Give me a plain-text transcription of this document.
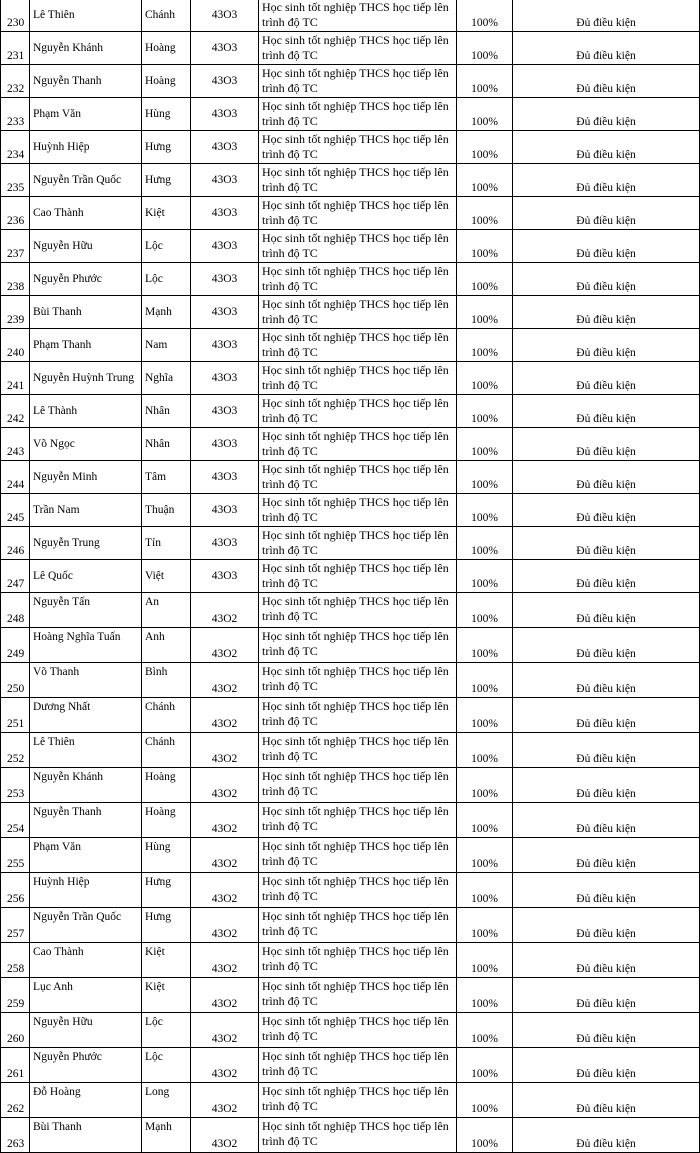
230	Lê Thiên	Chánh	43O3	Học sinh tốt nghiệp THCS học tiếp lên trình độ TC	100%	Đủ điều kiện
231	Nguyễn Khánh	Hoàng	43O3	Học sinh tốt nghiệp THCS học tiếp lên trình độ TC	100%	Đủ điều kiện
232	Nguyễn Thanh	Hoàng	43O3	Học sinh tốt nghiệp THCS học tiếp lên trình độ TC	100%	Đủ điều kiện
233	Phạm Văn	Hùng	43O3	Học sinh tốt nghiệp THCS học tiếp lên trình độ TC	100%	Đủ điều kiện
234	Huỳnh Hiệp	Hưng	43O3	Học sinh tốt nghiệp THCS học tiếp lên trình độ TC	100%	Đủ điều kiện
235	Nguyễn Trần Quốc	Hưng	43O3	Học sinh tốt nghiệp THCS học tiếp lên trình độ TC	100%	Đủ điều kiện
236	Cao Thành	Kiệt	43O3	Học sinh tốt nghiệp THCS học tiếp lên trình độ TC	100%	Đủ điều kiện
237	Nguyễn Hữu	Lộc	43O3	Học sinh tốt nghiệp THCS học tiếp lên trình độ TC	100%	Đủ điều kiện
238	Nguyễn Phước	Lộc	43O3	Học sinh tốt nghiệp THCS học tiếp lên trình độ TC	100%	Đủ điều kiện
239	Bùi Thanh	Mạnh	43O3	Học sinh tốt nghiệp THCS học tiếp lên trình độ TC	100%	Đủ điều kiện
240	Phạm Thanh	Nam	43O3	Học sinh tốt nghiệp THCS học tiếp lên trình độ TC	100%	Đủ điều kiện
241	Nguyễn Huỳnh Trung	Nghĩa	43O3	Học sinh tốt nghiệp THCS học tiếp lên trình độ TC	100%	Đủ điều kiện
242	Lê Thành	Nhân	43O3	Học sinh tốt nghiệp THCS học tiếp lên trình độ TC	100%	Đủ điều kiện
243	Võ Ngọc	Nhân	43O3	Học sinh tốt nghiệp THCS học tiếp lên trình độ TC	100%	Đủ điều kiện
244	Nguyễn Minh	Tâm	43O3	Học sinh tốt nghiệp THCS học tiếp lên trình độ TC	100%	Đủ điều kiện
245	Trần Nam	Thuận	43O3	Học sinh tốt nghiệp THCS học tiếp lên trình độ TC	100%	Đủ điều kiện
246	Nguyễn Trung	Tín	43O3	Học sinh tốt nghiệp THCS học tiếp lên trình độ TC	100%	Đủ điều kiện
247	Lê Quốc	Việt	43O3	Học sinh tốt nghiệp THCS học tiếp lên trình độ TC	100%	Đủ điều kiện
248	Nguyễn Tấn	An	43O2	Học sinh tốt nghiệp THCS học tiếp lên trình độ TC	100%	Đủ điều kiện
249	Hoàng Nghĩa Tuấn	Anh	43O2	Học sinh tốt nghiệp THCS học tiếp lên trình độ TC	100%	Đủ điều kiện
250	Võ Thanh	Bình	43O2	Học sinh tốt nghiệp THCS học tiếp lên trình độ TC	100%	Đủ điều kiện
251	Dương Nhất	Chánh	43O2	Học sinh tốt nghiệp THCS học tiếp lên trình độ TC	100%	Đủ điều kiện
252	Lê Thiên	Chánh	43O2	Học sinh tốt nghiệp THCS học tiếp lên trình độ TC	100%	Đủ điều kiện
253	Nguyễn Khánh	Hoàng	43O2	Học sinh tốt nghiệp THCS học tiếp lên trình độ TC	100%	Đủ điều kiện
254	Nguyễn Thanh	Hoàng	43O2	Học sinh tốt nghiệp THCS học tiếp lên trình độ TC	100%	Đủ điều kiện
255	Phạm Văn	Hùng	43O2	Học sinh tốt nghiệp THCS học tiếp lên trình độ TC	100%	Đủ điều kiện
256	Huỳnh Hiệp	Hưng	43O2	Học sinh tốt nghiệp THCS học tiếp lên trình độ TC	100%	Đủ điều kiện
257	Nguyễn Trần Quốc	Hưng	43O2	Học sinh tốt nghiệp THCS học tiếp lên trình độ TC	100%	Đủ điều kiện
258	Cao Thành	Kiệt	43O2	Học sinh tốt nghiệp THCS học tiếp lên trình độ TC	100%	Đủ điều kiện
259	Lục Anh	Kiệt	43O2	Học sinh tốt nghiệp THCS học tiếp lên trình độ TC	100%	Đủ điều kiện
260	Nguyễn Hữu	Lộc	43O2	Học sinh tốt nghiệp THCS học tiếp lên trình độ TC	100%	Đủ điều kiện
261	Nguyễn Phước	Lộc	43O2	Học sinh tốt nghiệp THCS học tiếp lên trình độ TC	100%	Đủ điều kiện
262	Đỗ Hoàng	Long	43O2	Học sinh tốt nghiệp THCS học tiếp lên trình độ TC	100%	Đủ điều kiện
263	Bùi Thanh	Mạnh	43O2	Học sinh tốt nghiệp THCS học tiếp lên trình độ TC	100%	Đủ điều kiện
